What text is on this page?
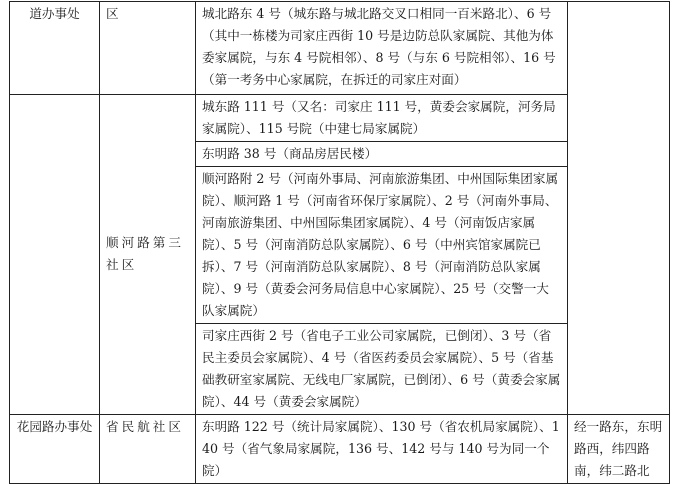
道办事处	区	城北路东 4 号（城东路与城北路交叉口相同一百米路北）、6 号（其中一栋楼为司家庄西街 10 号是边防总队家属院、其他为体委家属院，与东 4 号院相邻）、8 号（与东 6 号院相邻）、16 号（第一考务中心家属院，在拆迁的司家庄对面）	
	顺河路第三社区	城东路 111 号（又名：司家庄 111 号，黄委会家属院，河务局家属院）、115 号院（中建七局家属院）	
		东明路 38 号（商品房居民楼）	
		顺河路附 2 号（河南外事局、河南旅游集团、中州国际集团家属院）、顺河路 1 号（河南省环保厅家属院）、2 号（河南外事局、河南旅游集团、中州国际集团家属院）、4 号（河南饭店家属院）、5 号（河南消防总队家属院）、6 号（中州宾馆家属院已拆）、7 号（河南消防总队家属院）、8 号（河南消防总队家属院）、9 号（黄委会河务局信息中心家属院）、25 号（交警一大队家属院）	
		司家庄西街 2 号（省电子工业公司家属院，已倒闭）、3 号（省民主委员会家属院）、4 号（省医药委员会家属院）、5 号（省基础教研室家属院、无线电厂家属院，已倒闭）、6 号（黄委会家属院）、44 号（黄委会家属院）	
花园路办事处	省民航社区	东明路 122 号（统计局家属院）、130 号（省农机局家属院）、140 号（省气象局家属院，136 号、142 号与 140 号为同一个院）	经一路东，东明路西，纬四路南，纬二路北
